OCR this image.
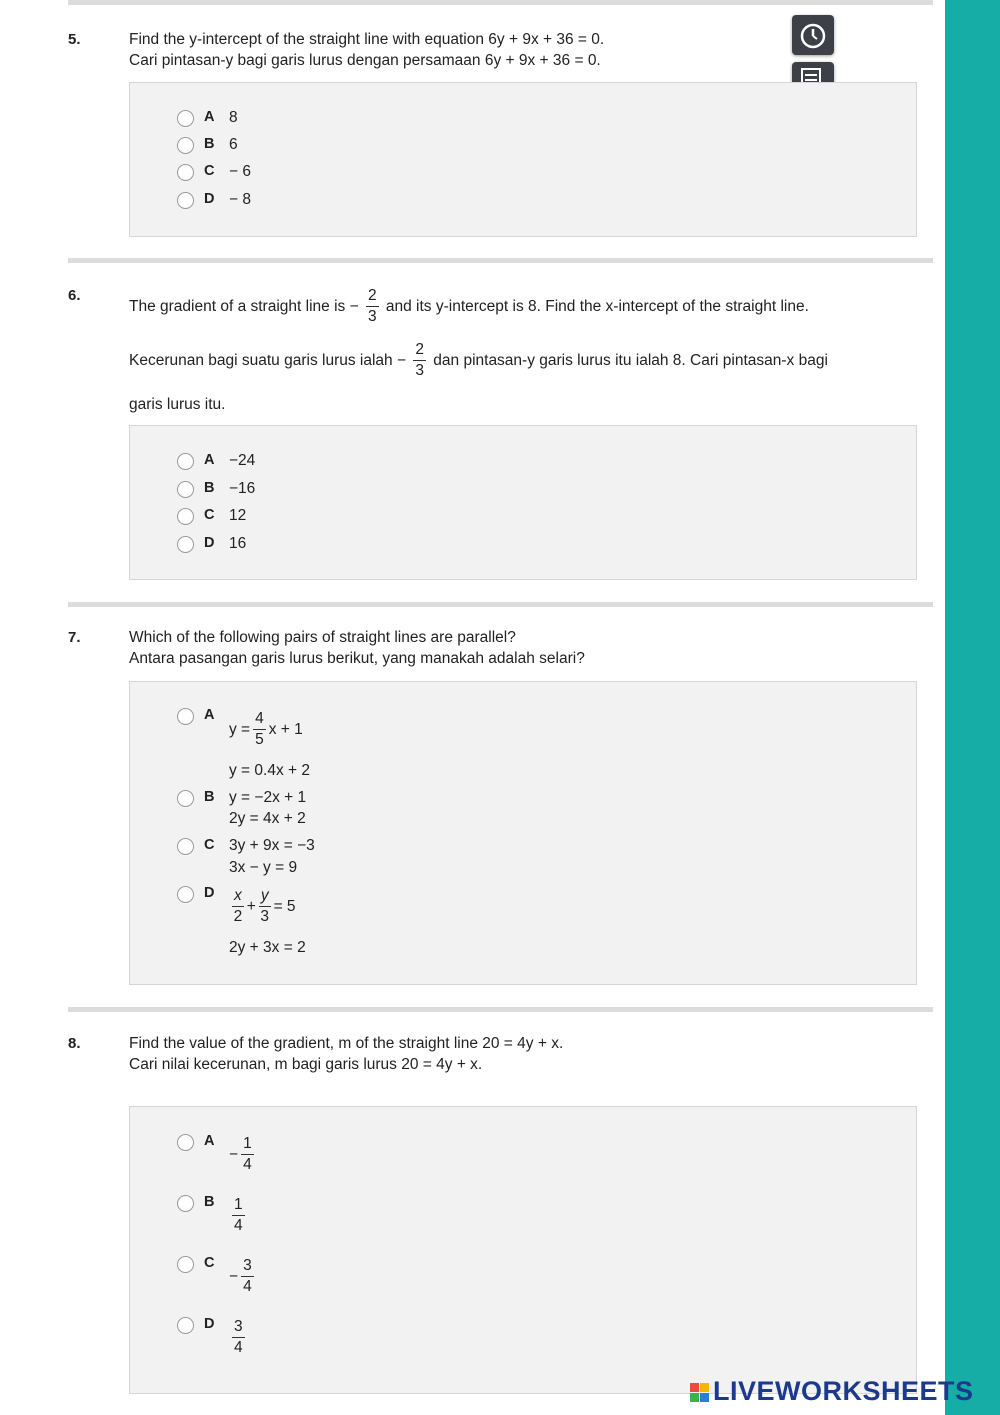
5.	Find the y-intercept of the straight line with equation 6y + 9x + 36 = 0.
Cari pintasan-y bagi garis lurus dengan persamaan 6y + 9x + 36 = 0.
A 8
B 6
C − 6
D − 8
6.
The gradient of a straight line is − $\frac{2}{3}$ and its y-intercept is 8. Find the x-intercept of the straight line.
Kecerunan bagi suatu garis lurus ialah − $\frac{2}{3}$ dan pintasan-y garis lurus itu ialah 8. Cari pintasan-x bagi
garis lurus itu.
A −24
B −16
C 12
D 16
7.	Which of the following pairs of straight lines are parallel?
Antara pasangan garis lurus berikut, yang manakah adalah selari?
A
$y = \frac{4}{5}$ x + 1
y = 0.4x + 2
B y = −2x + 1
2y = 4x + 2
C 3y + 9x = −3
3x − y = 9
D $\frac{x}{2} + \frac{y}{3} = 5$
2y + 3x = 2
8.	Find the value of the gradient, m of the straight line 20 = 4y + x.
Cari nilai kecerunan, m bagi garis lurus 20 = 4y + x.
A
− $\frac{1}{4}$
B $\frac{1}{4}$
C
− $\frac{3}{4}$
D $\frac{3}{4}$
LIVEWORKSHEETS
